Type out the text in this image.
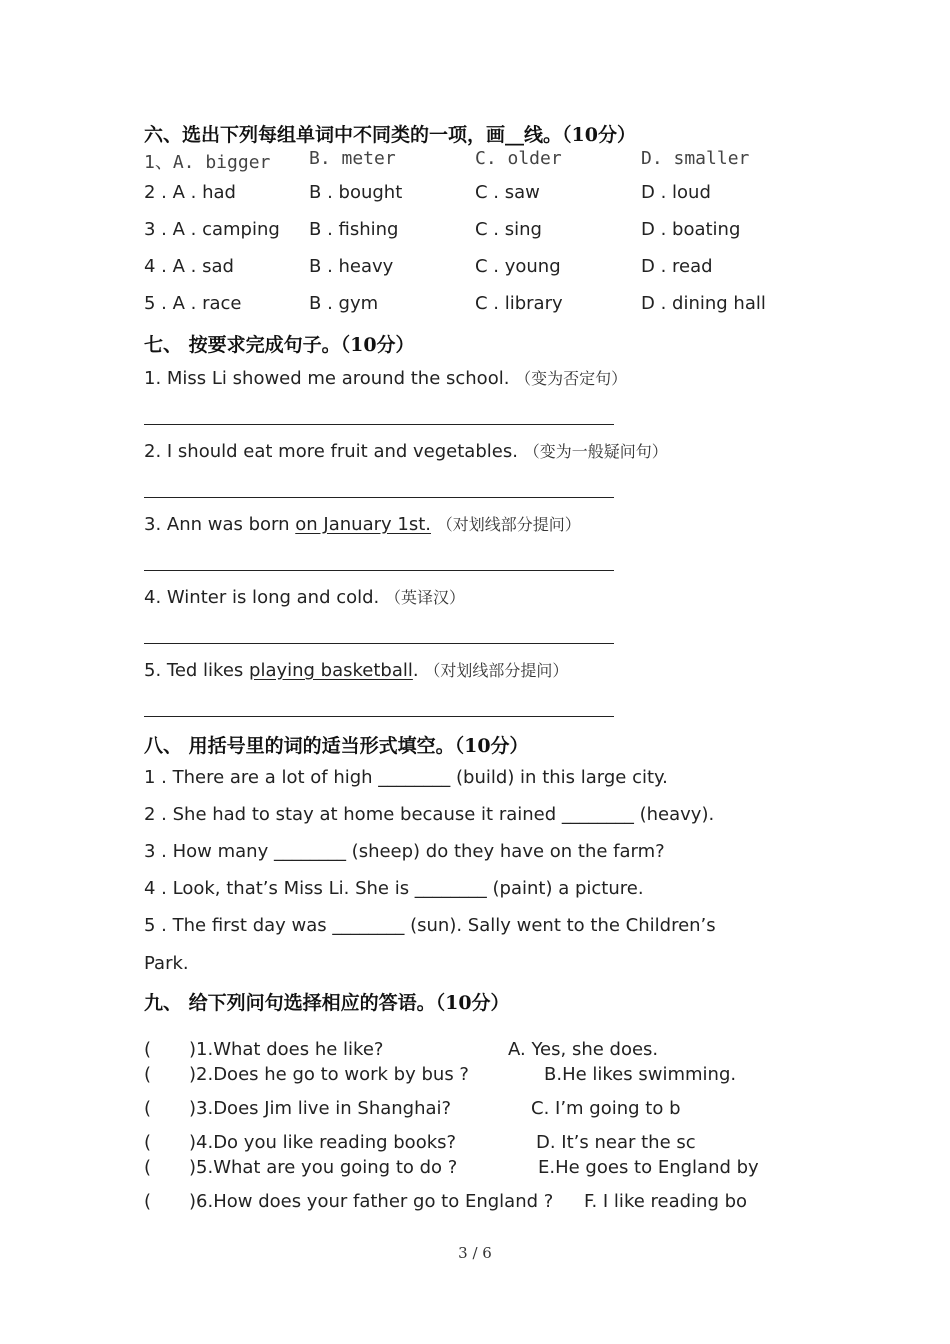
六、选出下列每组单词中不同类的一项，画__线。（10分）
1、A. bigger B. meter	C. older	D. smaller
2 . A . had	B . bought	C . saw	D . loud
3 . A . camping B . fishing	C . sing	D . boating
4 . A . sad	B . heavy	C . young	D . read
5 . A . race	B . gym	C . library	D . dining hall
七、 按要求完成句子。（10分）
1. Miss Li showed me around the school. （变为否定句）
2. I should eat more fruit and vegetables. （变为一般疑问句）
3. Ann was born on January 1st. （对划线部分提问）
4. Winter is long and cold. （英译汉）
5. Ted likes playing basketball. （对划线部分提问）
八、 用括号里的词的适当形式填空。（10分）
1 . There are a lot of high ________ (build) in this large city.
2 . She had to stay at home because it rained ________ (heavy).
3 . How many ________ (sheep) do they have on the farm?
4 . Look, that’s Miss Li. She is ________ (paint) a picture.
5 . The first day was ________ (sun). Sally went to the Children’s
Park.
九、 给下列问句选择相应的答语。（10分）
( )1.What does he like?	A. Yes, she does.
( )2.Does he go to work by bus ?	B.He likes swimming.
( )3.Does Jim live in Shanghai?	C. I’m going to b
( )4.Do you like reading books?	D. It’s near the sc
( )5.What are you going to do ?	E.He goes to England by
( )6.How does your father go to England ? F. I like reading bo
3 / 6
